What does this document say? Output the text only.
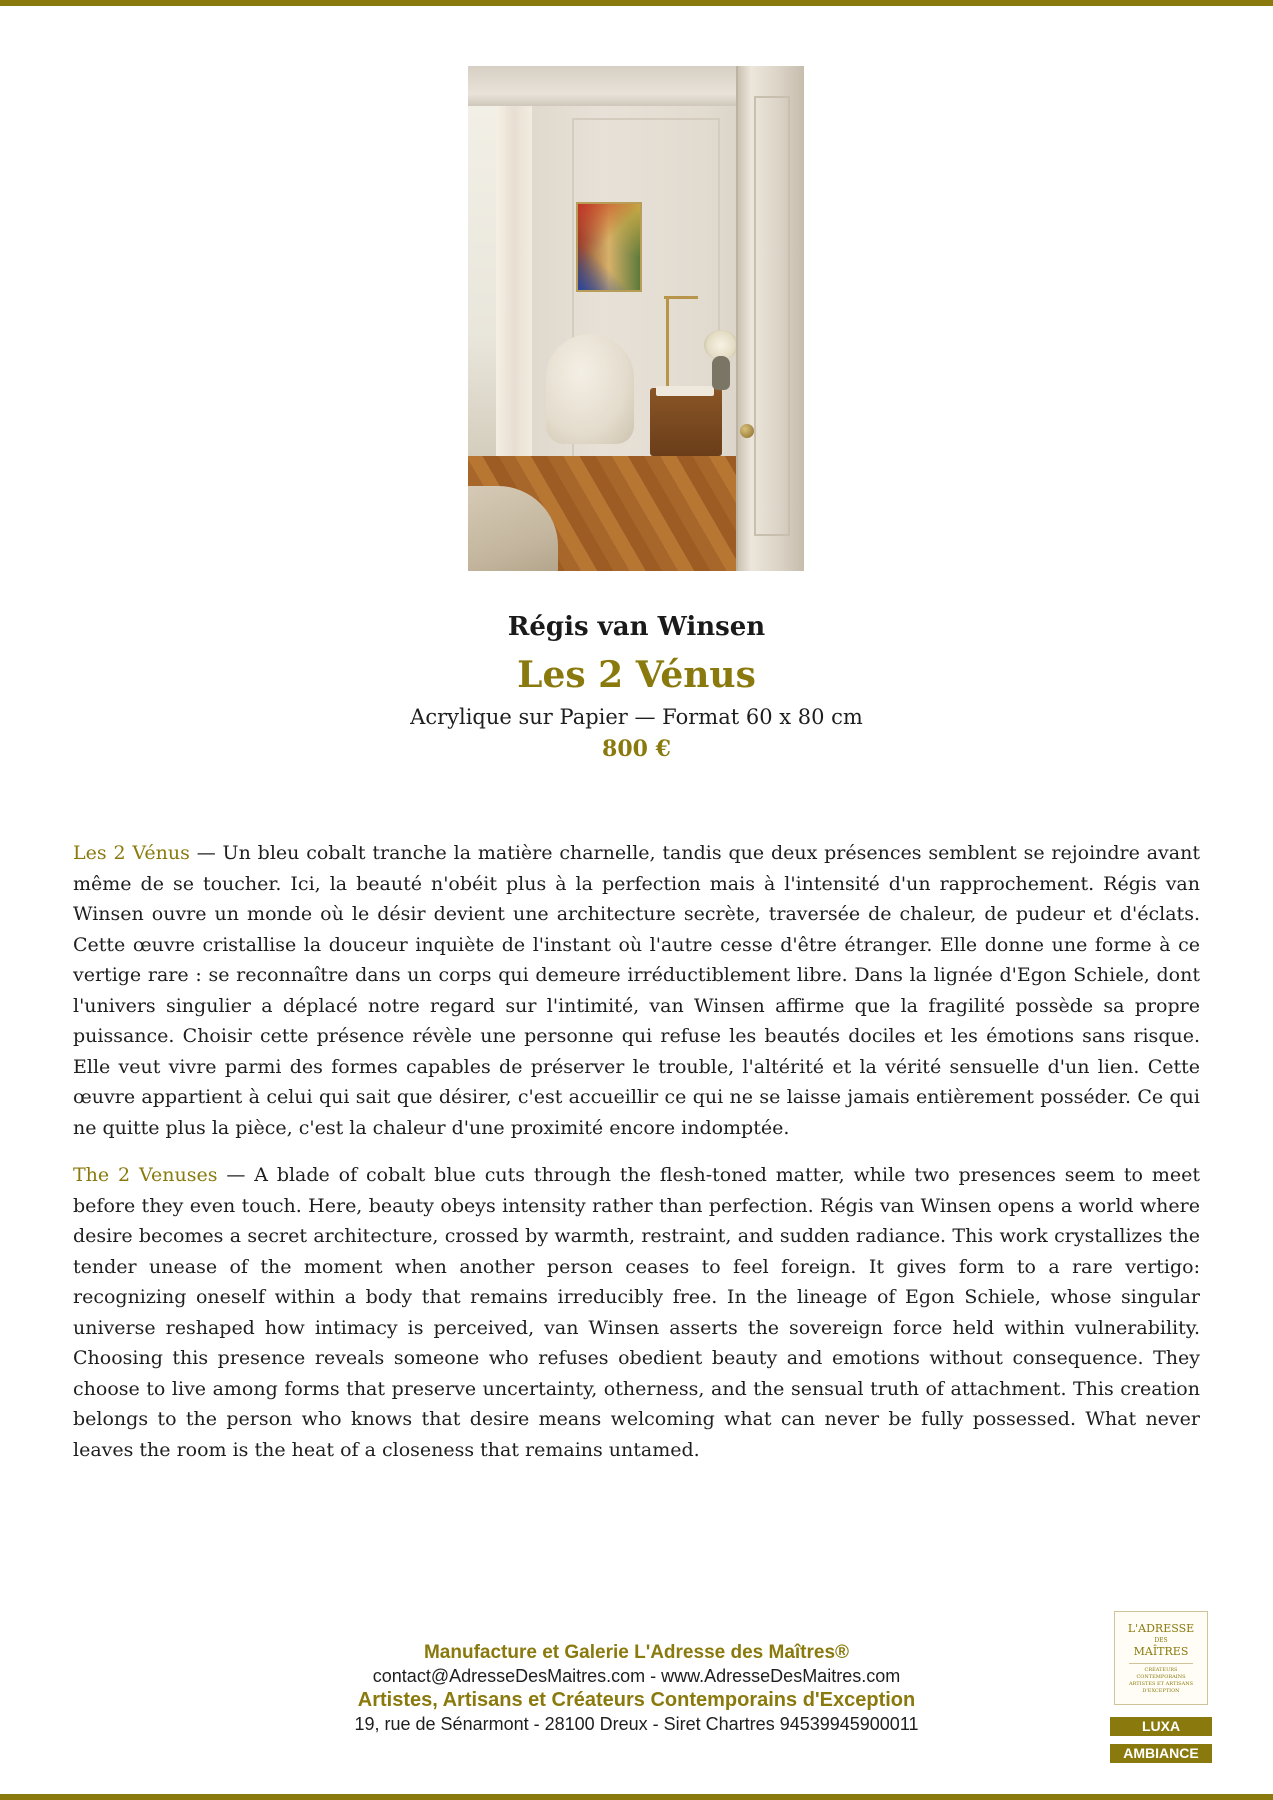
Régis van Winsen
Les 2 Vénus
Acrylique sur Papier — Format 60 x 80 cm
800 €

Les 2 Vénus — Un bleu cobalt tranche la matière charnelle, tandis que deux présences semblent se rejoindre avant même de se toucher. Ici, la beauté n'obéit plus à la perfection mais à l'intensité d'un rapprochement. Régis van Winsen ouvre un monde où le désir devient une architecture secrète, traversée de chaleur, de pudeur et d'éclats. Cette œuvre cristallise la douceur inquiète de l'instant où l'autre cesse d'être étranger. Elle donne une forme à ce vertige rare : se reconnaître dans un corps qui demeure irréductiblement libre. Dans la lignée d'Egon Schiele, dont l'univers singulier a déplacé notre regard sur l'intimité, van Winsen affirme que la fragilité possède sa propre puissance. Choisir cette présence révèle une personne qui refuse les beautés dociles et les émotions sans risque. Elle veut vivre parmi des formes capables de préserver le trouble, l'altérité et la vérité sensuelle d'un lien. Cette œuvre appartient à celui qui sait que désirer, c'est accueillir ce qui ne se laisse jamais entièrement posséder. Ce qui ne quitte plus la pièce, c'est la chaleur d'une proximité encore indomptée.

The 2 Venuses — A blade of cobalt blue cuts through the flesh-toned matter, while two presences seem to meet before they even touch. Here, beauty obeys intensity rather than perfection. Régis van Winsen opens a world where desire becomes a secret architecture, crossed by warmth, restraint, and sudden radiance. This work crystallizes the tender unease of the moment when another person ceases to feel foreign. It gives form to a rare vertigo: recognizing oneself within a body that remains irreducibly free. In the lineage of Egon Schiele, whose singular universe reshaped how intimacy is perceived, van Winsen asserts the sovereign force held within vulnerability. Choosing this presence reveals someone who refuses obedient beauty and emotions without consequence. They choose to live among forms that preserve uncertainty, otherness, and the sensual truth of attachment. This creation belongs to the person who knows that desire means welcoming what can never be fully possessed. What never leaves the room is the heat of a closeness that remains untamed.

Manufacture et Galerie L'Adresse des Maîtres®
contact@AdresseDesMaitres.com - www.AdresseDesMaitres.com
Artistes, Artisans et Créateurs Contemporains d'Exception
19, rue de Sénarmont - 28100 Dreux - Siret Chartres 94539945900011
L'ADRESSE
DES
MAÎTRES
CRÉATEURS CONTEMPORAINS ARTISTES ET ARTISANS D'EXCEPTION
LUXA
AMBIANCE
